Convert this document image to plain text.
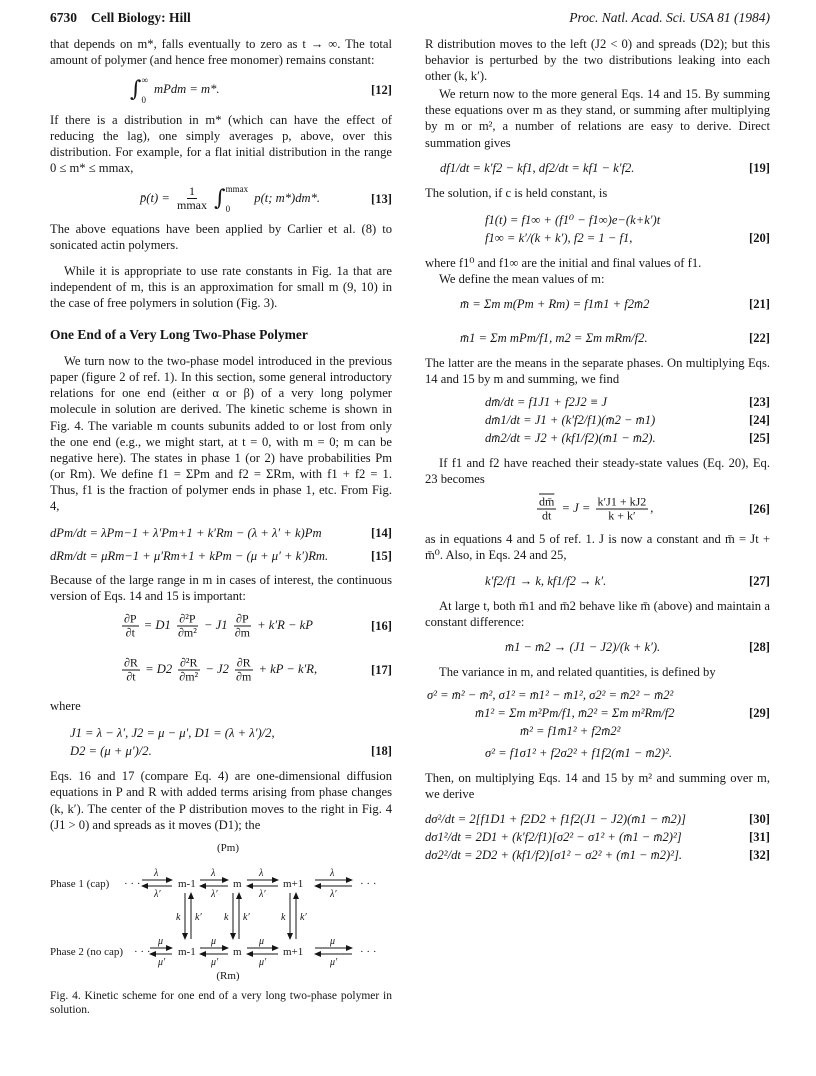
6730 Cell Biology: Hill	Proc. Natl. Acad. Sci. USA 81 (1984)

that depends on m*, falls eventually to zero as t → ∞. The total amount of polymer (and hence free monomer) remains constant:

∫ ∞
0
mPdm = m*.	[12]

If there is a distribution in m* (which can have the effect of reducing the lag), one simply averages p, above, over this distribution. For example, for a flat initial distribution in the range 0 ≤ m* ≤ mmax,

p̄(t) = $\frac{1}{mmax}$ ∫ mmax
0
p(t; m*)dm*.	[13]

The above equations have been applied by Carlier et al. (8) to sonicated actin polymers.

While it is appropriate to use rate constants in Fig. 1a that are independent of m, this is an approximation for small m (9, 10) in the case of free polymers in solution (Fig. 3).

One End of a Very Long Two-Phase Polymer

We turn now to the two-phase model introduced in the previous paper (figure 2 of ref. 1). In this section, some general introductory relations for one end (either α or β) of a very long polymer molecule in solution are derived. The kinetic scheme is shown in Fig. 4. The variable m counts subunits added to or lost from only the one end (e.g., we might start, at t = 0, with m = 0; m can be negative here). The states in phase 1 (or 2) have probabilities Pm (or Rm). We define f1 = ΣPm and f2 = ΣRm, with f1 + f2 = 1. Thus, f1 is the fraction of polymer ends in phase 1, etc. From Fig. 4,

dPm/dt = λPm−1 + λ′Pm+1 + k′Rm − (λ + λ′ + k)Pm	[14]
dRm/dt = μRm−1 + μ′Rm+1 + kPm − (μ + μ′ + k′)Rm.	[15]

Because of the large range in m in cases of interest, the continuous version of Eqs. 14 and 15 is important:

$\frac{\partial P}{\partial t} = D1 \frac{\text{∂²P}}{\text{∂m²}} - J1 \frac{\partial P}{\partial m} + k'R$ − kP	[16]
$\frac{\partial R}{\partial t} = D2 \frac{\text{∂²R}}{\text{∂m²}} - J2 \frac{\partial R}{\partial m}$ + kP − k′R,	[17]

where

J1 = λ − λ′, J2 = μ − μ′, D1 = (λ + λ′)/2,
D2 = (μ + μ′)/2.	[18]

Eqs. 16 and 17 (compare Eq. 4) are one-dimensional diffusion equations in P and R with added terms arising from phase changes (k, k′). The center of the P distribution moves to the right in Fig. 4 (J1 > 0) and spreads as it moves (D1); the

(Pm)
(Rm)
Phase 1 (cap)
Phase 2 (no cap)
· · ·	m-1	m	m+1	· · ·
· · ·	m-1	m	m+1	· · ·
λ
λ′
λ
λ′
λ
λ′
λ
λ′
μ
μ′
μ
μ′
μ
μ′
μ
μ′
k k′ k k′	k k′
Fig. 4. Kinetic scheme for one end of a very long two-phase polymer in solution.

R distribution moves to the left (J2 < 0) and spreads (D2); but this behavior is perturbed by the two distributions leaking into each other (k, k′).

We return now to the more general Eqs. 14 and 15. By summing these equations over m as they stand, or summing after multiplying by m or m², a number of relations are easy to derive. Direct summation gives

df1/dt = k′f2 − kf1, df2/dt = kf1 − k′f2.	[19]

The solution, if c is held constant, is

f1(t) = f1∞ + (f1⁰ − f1∞)e−(k+k′)t
f1∞ = k′/(k + k′), f2 = 1 − f1,	[20]

where f1⁰ and f1∞ are the initial and final values of f1.

We define the mean values of m:

m̄ = Σm m(Pm + Rm) = f1m̄1 + f2m̄2	[21]
m̄1 = Σm mPm/f1, m2 = Σm mRm/f2.	[22]

The latter are the means in the separate phases. On multiplying Eqs. 14 and 15 by m and summing, we find

dm̄/dt = f1J1 + f2J2 ≡ J	[23]
dm̄1/dt = J1 + (k′f2/f1)(m̄2 − m̄1)	[24]
dm̄2/dt = J2 + (kf1/f2)(m̄1 − m̄2).	[25]

If f1 and f2 have reached their steady-state values (Eq. 20), Eq. 23 becomes

$\frac{dm̄}{dt} = J = \frac{k'J1 + kJ2}{k + k'}$ ,	[26]

as in equations 4 and 5 of ref. 1. J is now a constant and m̄ = Jt + m̄⁰. Also, in Eqs. 24 and 25,

k′f2/f1 → k, kf1/f2 → k′.	[27]

At large t, both m̄1 and m̄2 behave like m̄ (above) and maintain a constant difference:

m̄1 − m̄2 → (J1 − J2)/(k + k′).	[28]

The variance in m, and related quantities, is defined by

σ² = m̄² − m̄², σ1² = m̄1² − m̄1², σ2² = m̄2² − m̄2²
m̄1² = Σm m²Pm/f1, m̄2² = Σm m²Rm/f2	[29]
m̄² = f1m̄1² + f2m̄2²
σ² = f1σ1² + f2σ2² + f1f2(m̄1 − m̄2)².

Then, on multiplying Eqs. 14 and 15 by m² and summing over m, we derive

dσ²/dt = 2[f1D1 + f2D2 + f1f2(J1 − J2)(m̄1 − m̄2)]	[30]
dσ1²/dt = 2D1 + (k′f2/f1)[σ2² − σ1² + (m̄1 − m̄2)²]	[31]
dσ2²/dt = 2D2 + (kf1/f2)[σ1² − σ2² + (m̄1 − m̄2)²].	[32]
